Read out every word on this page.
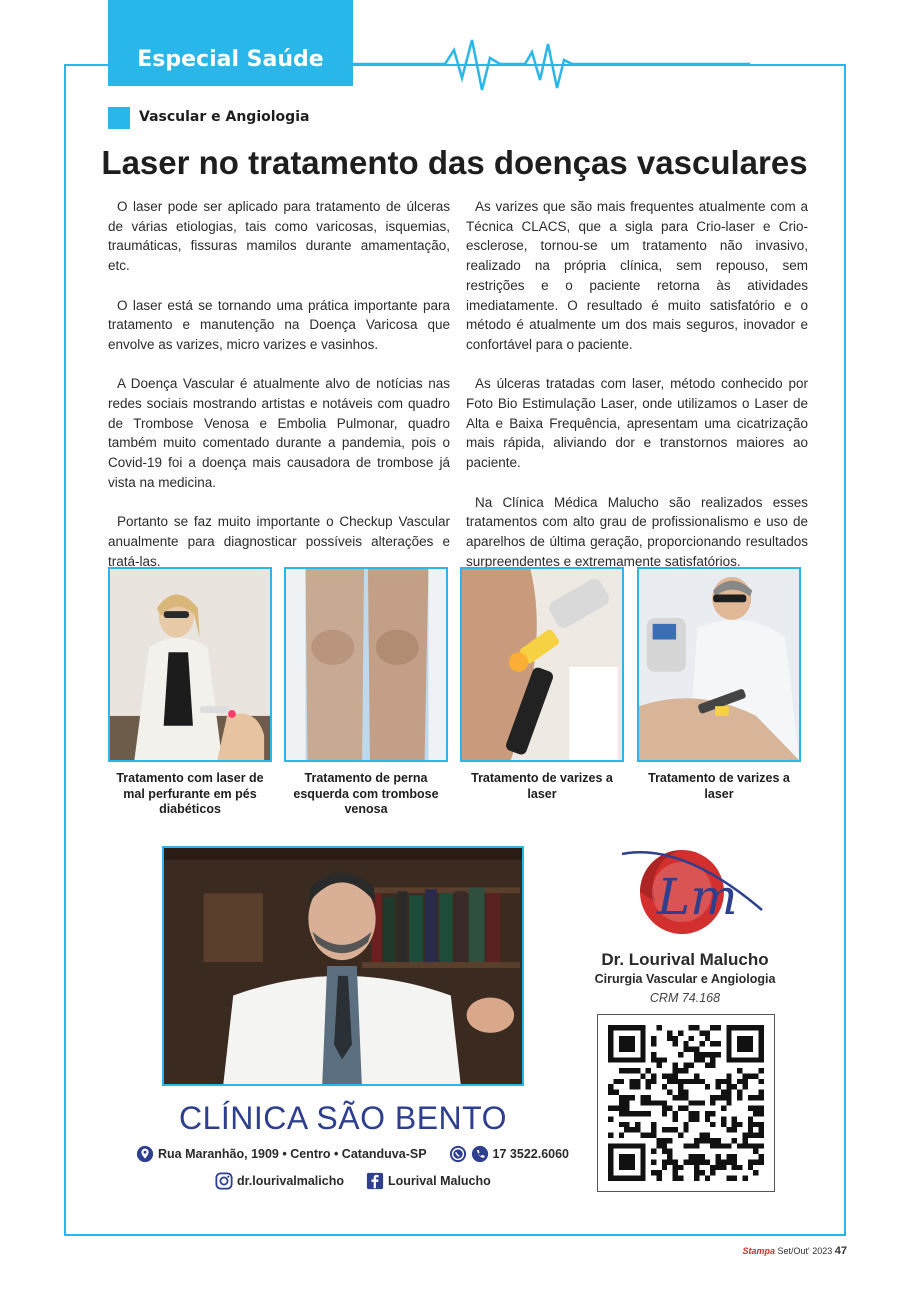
Especial Saúde
Vascular e Angiologia
Laser no tratamento das doenças vasculares

O laser pode ser aplicado para tratamento de úlceras de várias etiologias, tais como varicosas, isquemias, traumáticas, fissuras mamilos durante amamentação, etc.

O laser está se tornando uma prática importante para tratamento e manutenção na Doença Varicosa que envolve as varizes, micro varizes e vasinhos.

A Doença Vascular é atualmente alvo de notícias nas redes sociais mostrando artistas e notáveis com quadro de Trombose Venosa e Embolia Pulmonar, quadro também muito comentado durante a pandemia, pois o Covid-19 foi a doença mais causadora de trombose já vista na medicina.

Portanto se faz muito importante o Checkup Vascular anualmente para diagnosticar possíveis alterações e tratá-las.

As varizes que são mais frequentes atualmente com a Técnica CLACS, que a sigla para Crio-laser e Crio-esclerose, tornou-se um tratamento não invasivo, realizado na própria clínica, sem repouso, sem restrições e o paciente retorna às atividades imediatamente. O resultado é muito satisfatório e o método é atualmente um dos mais seguros, inovador e confortável para o paciente.

As úlceras tratadas com laser, método conhecido por Foto Bio Estimulação Laser, onde utilizamos o Laser de Alta e Baixa Frequência, apresentam uma cicatrização mais rápida, aliviando dor e transtornos maiores ao paciente.

Na Clínica Médica Malucho são realizados esses tratamentos com alto grau de profissionalismo e uso de aparelhos de última geração, proporcionando resultados surpreendentes e extremamente satisfatórios.

Tratamento com laser de mal perfurante em pés diabéticos
Tratamento de perna esquerda com trombose venosa
Tratamento de varizes a laser
Tratamento de varizes a laser
CLÍNICA SÃO BENTO
Rua Maranhão, 1909 • Centro • Catanduva-SP	17 3522.6060
dr.lourivalmalicho	Lourival Malucho
Lm
Dr. Lourival Malucho
Cirurgia Vascular e Angiologia
CRM 74.168
Stampa Set/Out' 2023 47
